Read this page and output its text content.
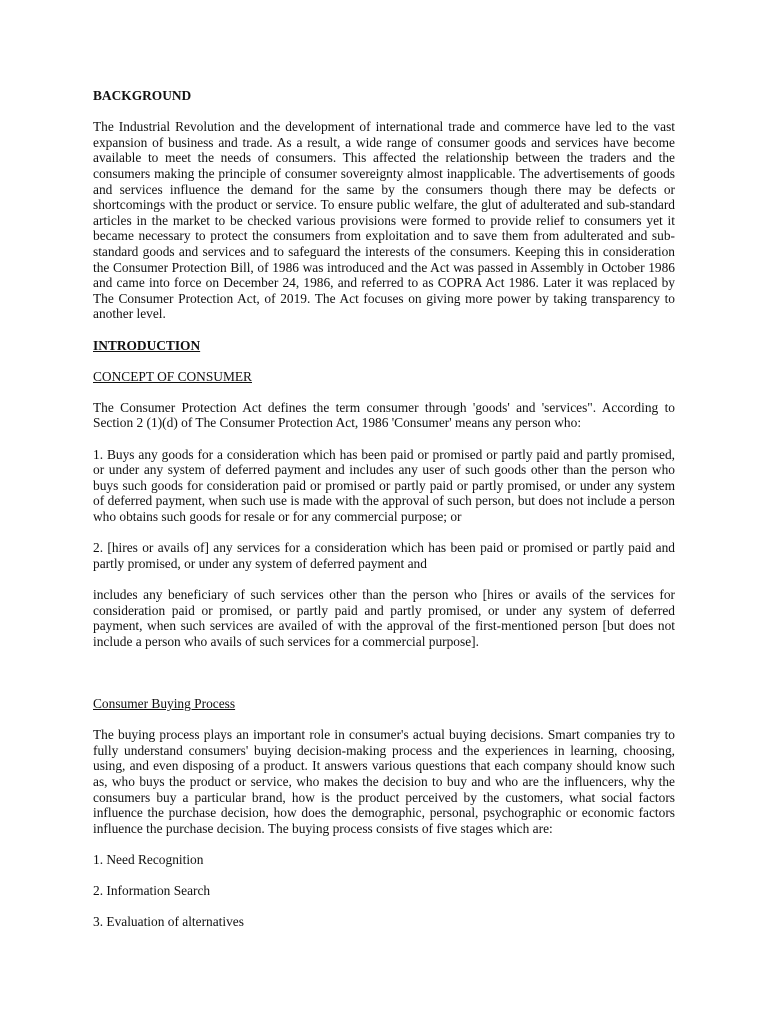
BACKGROUND

The Industrial Revolution and the development of international trade and commerce have led to the vast expansion of business and trade. As a result, a wide range of consumer goods and services have become available to meet the needs of consumers. This affected the relationship between the traders and the consumers making the principle of consumer sovereignty almost inapplicable. The advertisements of goods and services influence the demand for the same by the consumers though there may be defects or shortcomings with the product or service. To ensure public welfare, the glut of adulterated and sub-standard articles in the market to be checked various provisions were formed to provide relief to consumers yet it became necessary to protect the consumers from exploitation and to save them from adulterated and sub-standard goods and services and to safeguard the interests of the consumers. Keeping this in consideration the Consumer Protection Bill, of 1986 was introduced and the Act was passed in Assembly in October 1986 and came into force on December 24, 1986, and referred to as COPRA Act 1986. Later it was replaced by The Consumer Protection Act, of 2019. The Act focuses on giving more power by taking transparency to another level.

INTRODUCTION
CONCEPT OF CONSUMER

The Consumer Protection Act defines the term consumer through 'goods' and 'services". According to Section 2 (1)(d) of The Consumer Protection Act, 1986 'Consumer' means any person who:

1. Buys any goods for a consideration which has been paid or promised or partly paid and partly promised, or under any system of deferred payment and includes any user of such goods other than the person who buys such goods for consideration paid or promised or partly paid or partly promised, or under any system of deferred payment, when such use is made with the approval of such person, but does not include a person who obtains such goods for resale or for any commercial purpose; or

2. [hires or avails of] any services for a consideration which has been paid or promised or partly paid and partly promised, or under any system of deferred payment and

includes any beneficiary of such services other than the person who [hires or avails of the services for consideration paid or promised, or partly paid and partly promised, or under any system of deferred payment, when such services are availed of with the approval of the first-mentioned person [but does not include a person who avails of such services for a commercial purpose].

Consumer Buying Process

The buying process plays an important role in consumer's actual buying decisions. Smart companies try to fully understand consumers' buying decision-making process and the experiences in learning, choosing, using, and even disposing of a product. It answers various questions that each company should know such as, who buys the product or service, who makes the decision to buy and who are the influencers, why the consumers buy a particular brand, how is the product perceived by the customers, what social factors influence the purchase decision, how does the demographic, personal, psychographic or economic factors influence the purchase decision. The buying process consists of five stages which are:

1. Need Recognition
2. Information Search
3. Evaluation of alternatives
